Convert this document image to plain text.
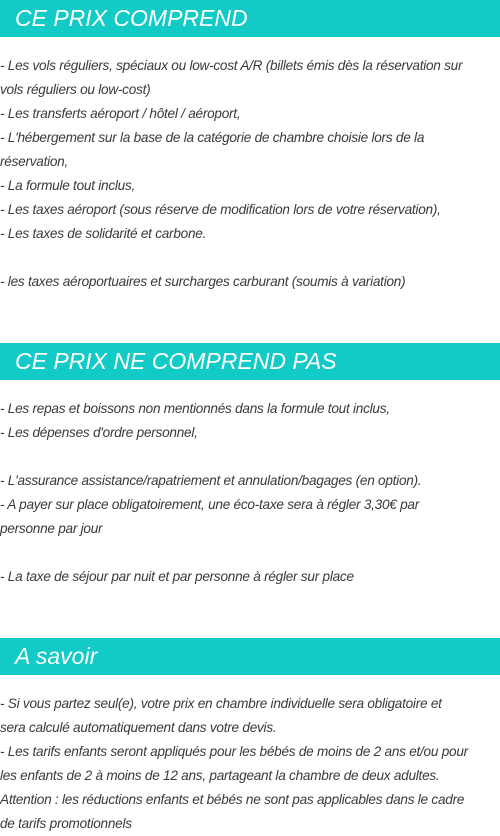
CE PRIX COMPREND
- Les vols réguliers, spéciaux ou low-cost A/R (billets émis dès la réservation sur
vols réguliers ou low-cost)
- Les transferts aéroport / hôtel / aéroport,
- L'hébergement sur la base de la catégorie de chambre choisie lors de la
réservation,
- La formule tout inclus,
- Les taxes aéroport (sous réserve de modification lors de votre réservation),
- Les taxes de solidarité et carbone.
- les taxes aéroportuaires et surcharges carburant (soumis à variation)
CE PRIX NE COMPREND PAS
- Les repas et boissons non mentionnés dans la formule tout inclus,
- Les dépenses d'ordre personnel,
- L'assurance assistance/rapatriement et annulation/bagages (en option).
- A payer sur place obligatoirement, une éco-taxe sera à régler 3,30€ par
personne par jour
- La taxe de séjour par nuit et par personne à régler sur place
A savoir
- Si vous partez seul(e), votre prix en chambre individuelle sera obligatoire et
sera calculé automatiquement dans votre devis.
- Les tarifs enfants seront appliqués pour les bébés de moins de 2 ans et/ou pour
les enfants de 2 à moins de 12 ans, partageant la chambre de deux adultes.
Attention : les réductions enfants et bébés ne sont pas applicables dans le cadre
de tarifs promotionnels
